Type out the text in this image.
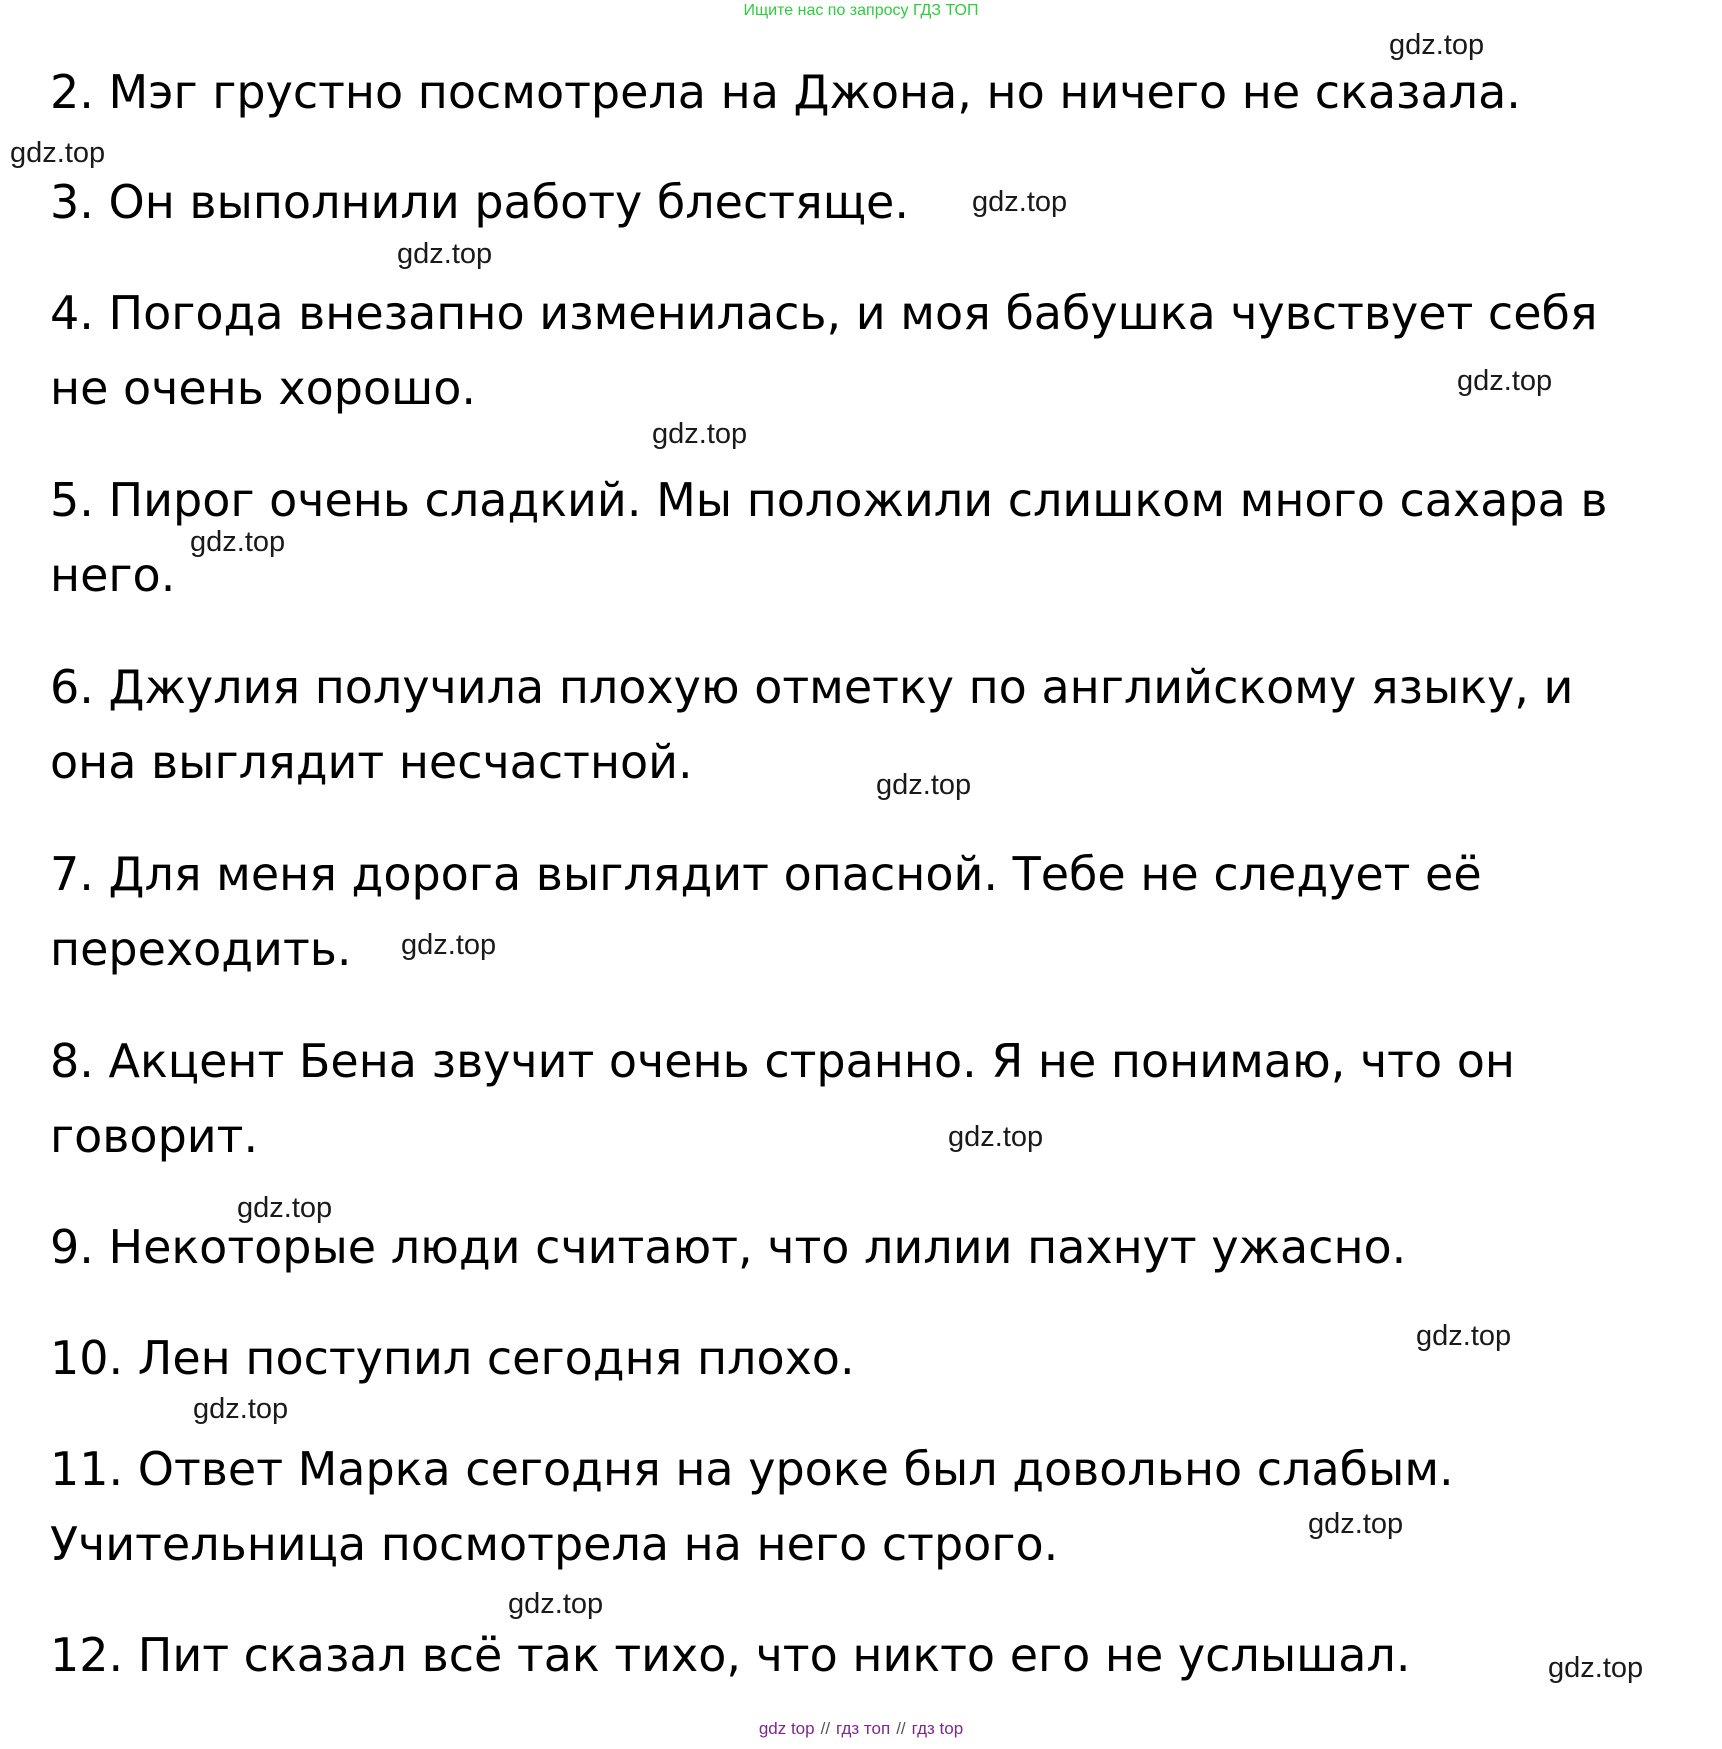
Ищите нас по запросу ГДЗ ТОП
2. Мэг грустно посмотрела на Джона, но ничего не сказала.
3. Он выполнили работу блестяще.
4. Погода внезапно изменилась, и моя бабушка чувствует себя
не очень хорошо.
5. Пирог очень сладкий. Мы положили слишком много сахара в
него.
6. Джулия получила плохую отметку по английскому языку, и
она выглядит несчастной.
7. Для меня дорога выглядит опасной. Тебе не следует её
переходить.
8. Акцент Бена звучит очень странно. Я не понимаю, что он
говорит.
9. Некоторые люди считают, что лилии пахнут ужасно.
10. Лен поступил сегодня плохо.
11. Ответ Марка сегодня на уроке был довольно слабым.
Учительница посмотрела на него строго.
12. Пит сказал всё так тихо, что никто его не услышал.
gdz.top
gdz.top
gdz.top
gdz.top
gdz.top
gdz.top
gdz.top
gdz.top
gdz.top
gdz.top
gdz.top
gdz.top
gdz.top
gdz.top
gdz.top
gdz.top
gdz top // гдз топ // гдз top
